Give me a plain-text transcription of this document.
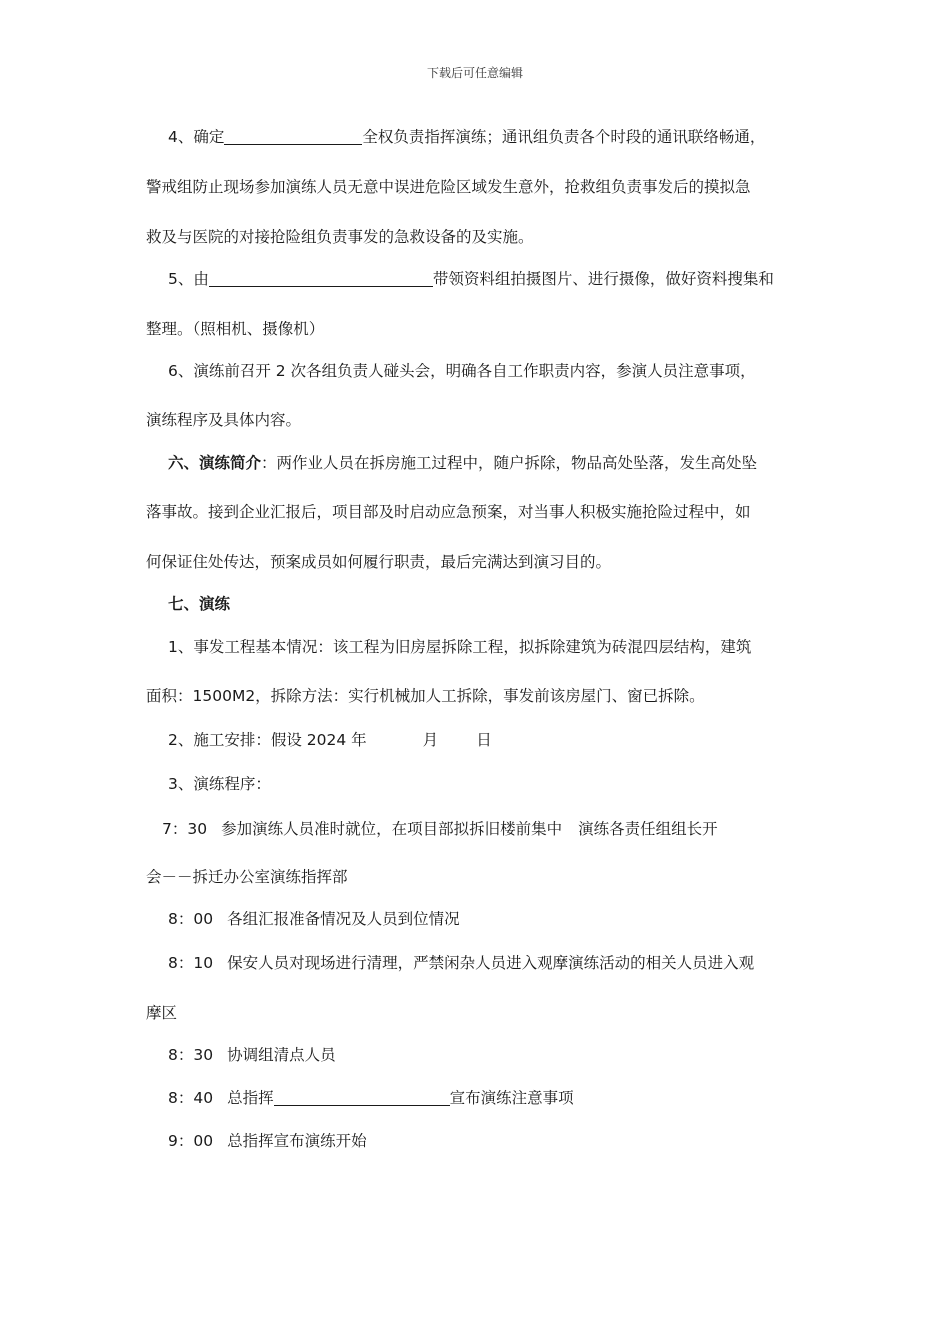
下载后可任意编辑
4、确定	全权负责指挥演练；通讯组负责各个时段的通讯联络畅通，
警戒组防止现场参加演练人员无意中误进危险区域发生意外，抢救组负责事发后的摸拟急
救及与医院的对接抢险组负责事发的急救设备的及实施。
5、由	带领资料组拍摄图片、进行摄像，做好资料搜集和
整理。（照相机、摄像机）
6、演练前召开 2 次各组负责人碰头会，明确各自工作职责内容，参演人员注意事项，
演练程序及具体内容。
六、演练简介：两作业人员在拆房施工过程中，随户拆除，物品高处坠落，发生高处坠
落事故。接到企业汇报后，项目部及时启动应急预案，对当事人积极实施抢险过程中，如
何保证住处传达，预案成员如何履行职责，最后完满达到演习目的。
七、演练
1、事发工程基本情况：该工程为旧房屋拆除工程，拟拆除建筑为砖混四层结构，建筑
面积：1500M2，拆除方法：实行机械加人工拆除，事发前该房屋门、窗已拆除。
2、施工安排：假设 2024 年	月 日
3、演练程序：
7：30 参加演练人员准时就位，在项目部拟拆旧楼前集中 演练各责任组组长开
会－－拆迁办公室演练指挥部
8：00 各组汇报准备情况及人员到位情况
8：10 保安人员对现场进行清理，严禁闲杂人员进入观摩演练活动的相关人员进入观
摩区
8：30 协调组清点人员
8：40 总指挥	宣布演练注意事项
9：00 总指挥宣布演练开始
